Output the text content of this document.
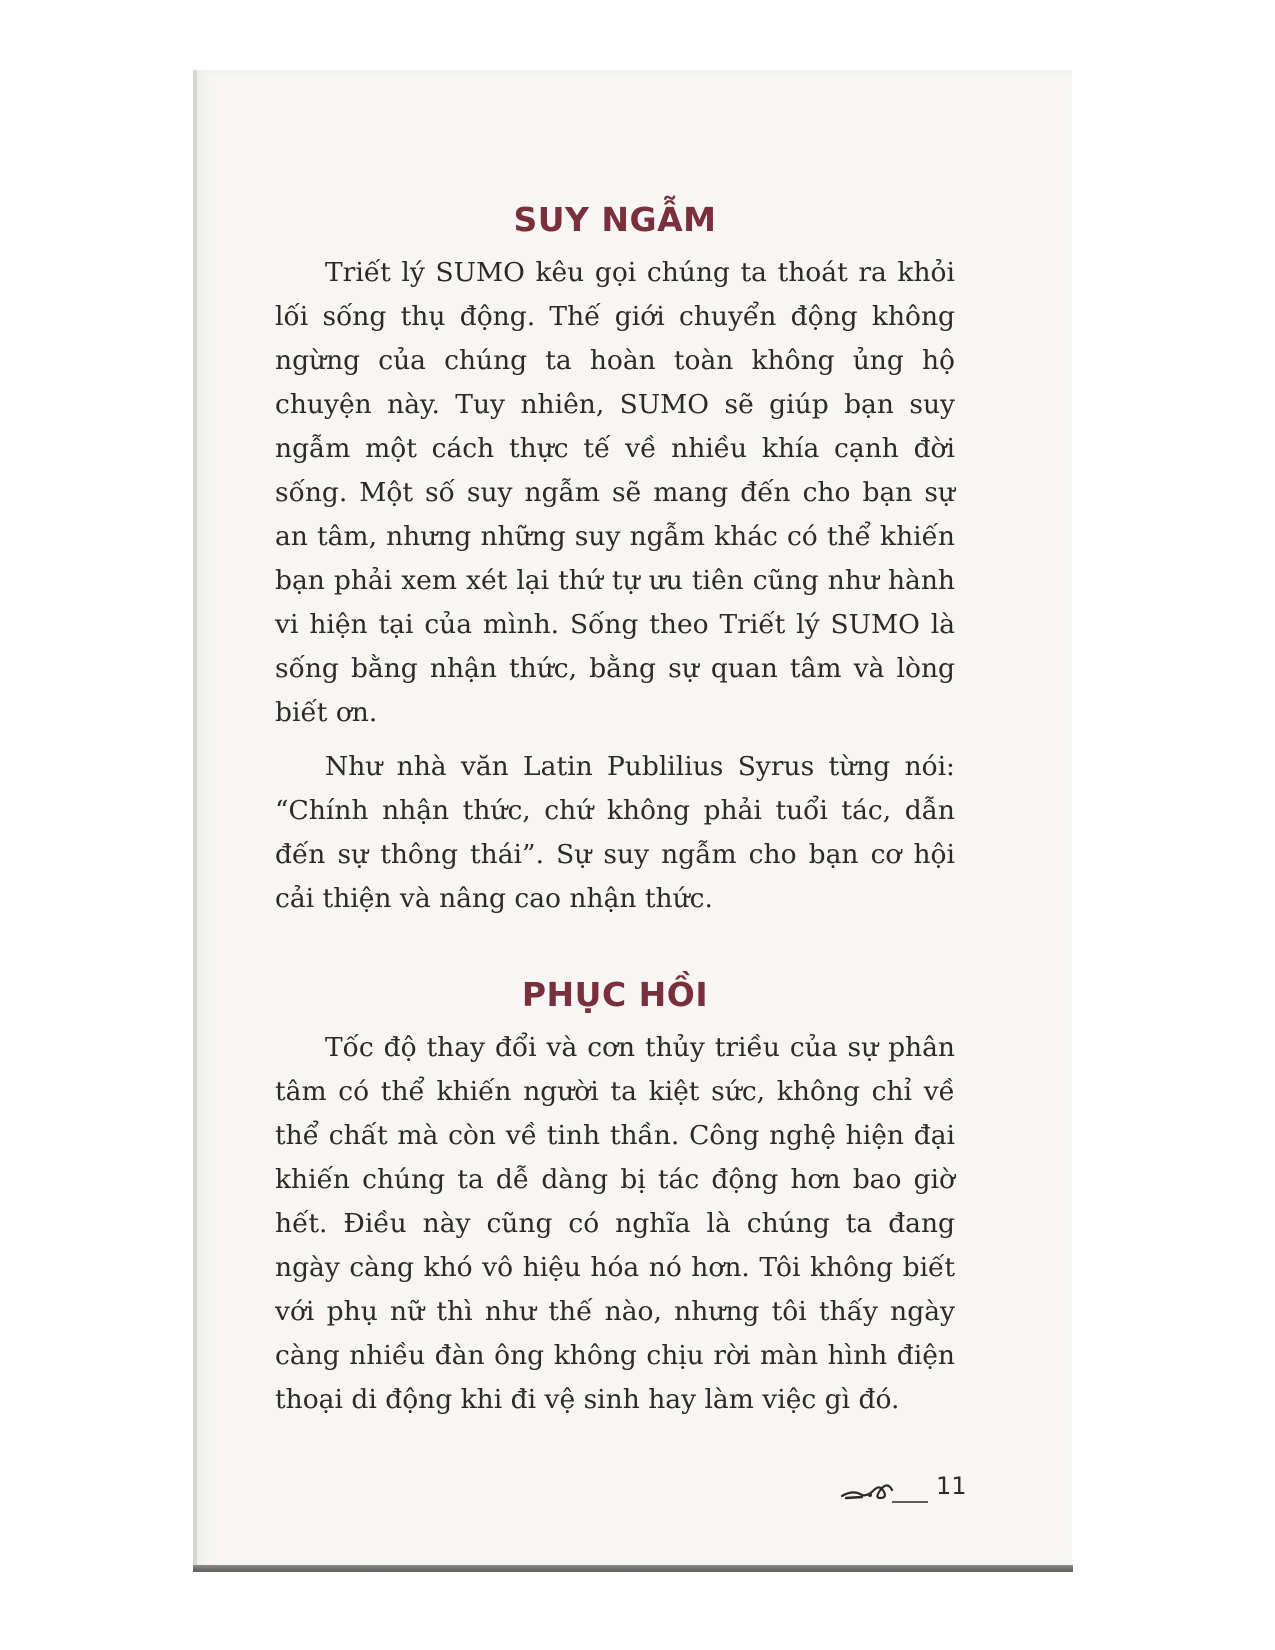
SUY NGẪM

Triết lý SUMO kêu gọi chúng ta thoát ra khỏi lối sống thụ động. Thế giới chuyển động không ngừng của chúng ta hoàn toàn không ủng hộ chuyện này. Tuy nhiên, SUMO sẽ giúp bạn suy ngẫm một cách thực tế về nhiều khía cạnh đời sống. Một số suy ngẫm sẽ mang đến cho bạn sự an tâm, nhưng những suy ngẫm khác có thể khiến bạn phải xem xét lại thứ tự ưu tiên cũng như hành vi hiện tại của mình. Sống theo Triết lý SUMO là sống bằng nhận thức, bằng sự quan tâm và lòng biết ơn.

Như nhà văn Latin Publilius Syrus từng nói: “Chính nhận thức, chứ không phải tuổi tác, dẫn đến sự thông thái”. Sự suy ngẫm cho bạn cơ hội cải thiện và nâng cao nhận thức.

PHỤC HỒI

Tốc độ thay đổi và cơn thủy triều của sự phân tâm có thể khiến người ta kiệt sức, không chỉ về thể chất mà còn về tinh thần. Công nghệ hiện đại khiến chúng ta dễ dàng bị tác động hơn bao giờ hết. Điều này cũng có nghĩa là chúng ta đang ngày càng khó vô hiệu hóa nó hơn. Tôi không biết với phụ nữ thì như thế nào, nhưng tôi thấy ngày càng nhiều đàn ông không chịu rời màn hình điện thoại di động khi đi vệ sinh hay làm việc gì đó.

11
